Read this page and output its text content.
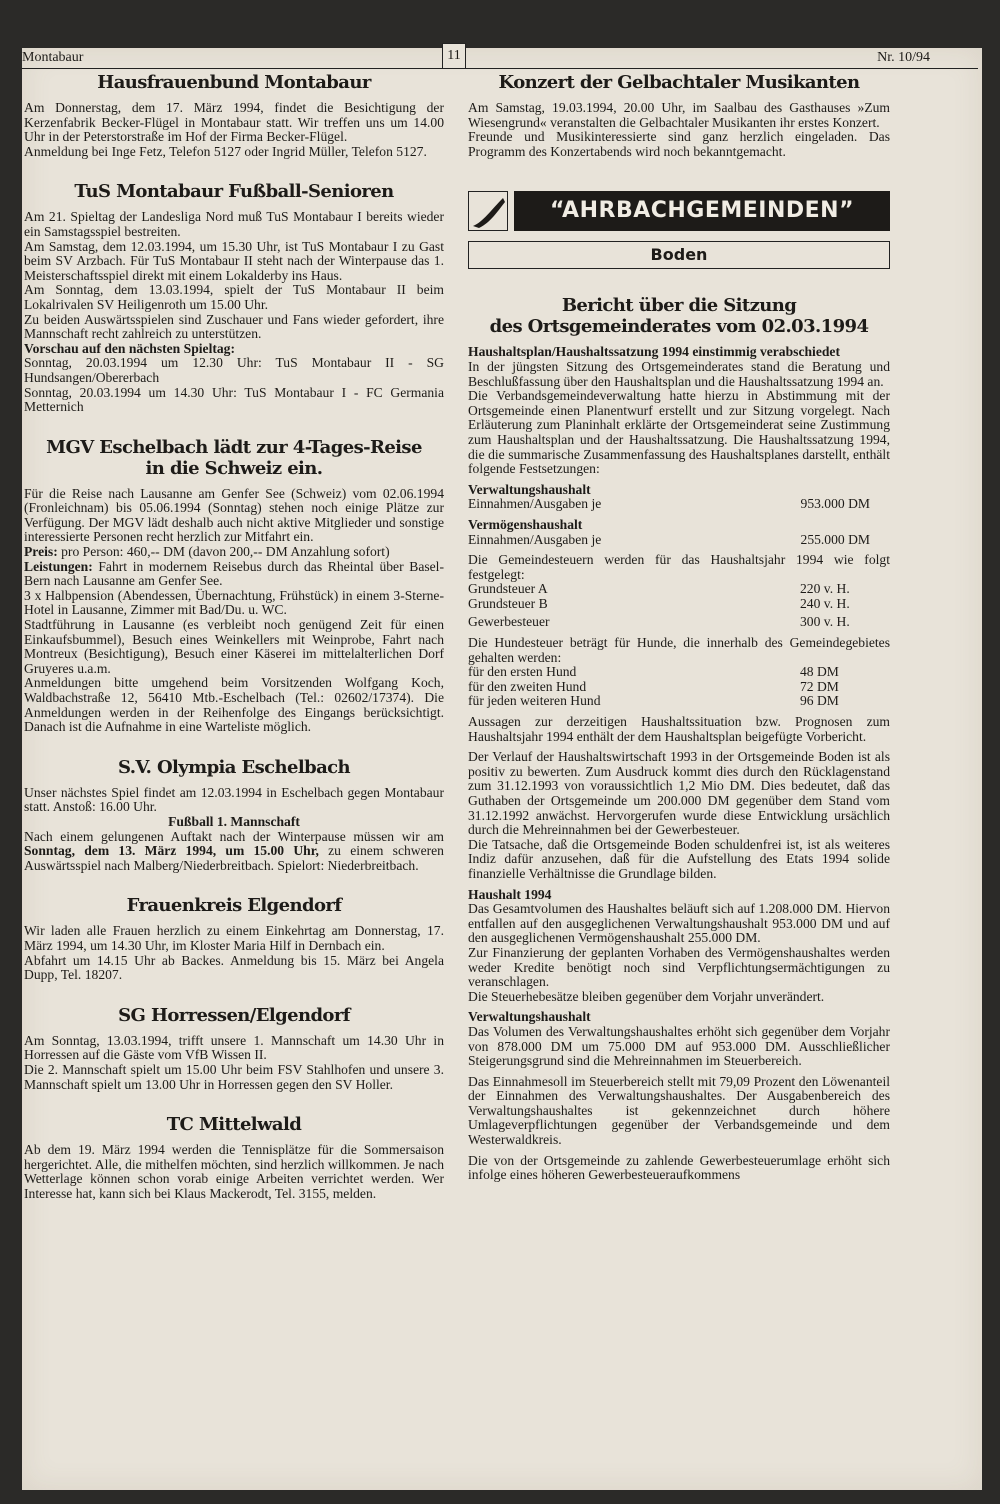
Montabaur	11	Nr. 10/94
Hausfrauenbund Montabaur

Am Donnerstag, dem 17. März 1994, findet die Besichtigung der Kerzenfabrik Becker-Flügel in Montabaur statt. Wir treffen uns um 14.00 Uhr in der Peterstorstraße im Hof der Firma Becker-Flügel.

Anmeldung bei Inge Fetz, Telefon 5127 oder Ingrid Müller, Telefon 5127.

TuS Montabaur Fußball-Senioren

Am 21. Spieltag der Landesliga Nord muß TuS Montabaur I bereits wieder ein Samstagsspiel bestreiten.

Am Samstag, dem 12.03.1994, um 15.30 Uhr, ist TuS Montabaur I zu Gast beim SV Arzbach. Für TuS Montabaur II steht nach der Winterpause das 1. Meisterschaftsspiel direkt mit einem Lokalderby ins Haus.

Am Sonntag, dem 13.03.1994, spielt der TuS Montabaur II beim Lokalrivalen SV Heiligenroth um 15.00 Uhr.

Zu beiden Auswärtsspielen sind Zuschauer und Fans wieder gefordert, ihre Mannschaft recht zahlreich zu unterstützen.

Vorschau auf den nächsten Spieltag:

Sonntag, 20.03.1994 um 12.30 Uhr: TuS Montabaur II - SG Hundsangen/Obererbach

Sonntag, 20.03.1994 um 14.30 Uhr: TuS Montabaur I - FC Germania Metternich

MGV Eschelbach lädt zur 4-Tages-Reise
in die Schweiz ein.

Für die Reise nach Lausanne am Genfer See (Schweiz) vom 02.06.1994 (Fronleichnam) bis 05.06.1994 (Sonntag) stehen noch einige Plätze zur Verfügung. Der MGV lädt deshalb auch nicht aktive Mitglieder und sonstige interessierte Personen recht herzlich zur Mitfahrt ein.

Preis: pro Person: 460,-- DM (davon 200,-- DM Anzahlung sofort)

Leistungen: Fahrt in modernem Reisebus durch das Rheintal über Basel-Bern nach Lausanne am Genfer See.

3 x Halbpension (Abendessen, Übernachtung, Frühstück) in einem 3-Sterne-Hotel in Lausanne, Zimmer mit Bad/Du. u. WC.

Stadtführung in Lausanne (es verbleibt noch genügend Zeit für einen Einkaufsbummel), Besuch eines Weinkellers mit Weinprobe, Fahrt nach Montreux (Besichtigung), Besuch einer Käserei im mittelalterlichen Dorf Gruyeres u.a.m.

Anmeldungen bitte umgehend beim Vorsitzenden Wolfgang Koch, Waldbachstraße 12, 56410 Mtb.-Eschelbach (Tel.: 02602/17374). Die Anmeldungen werden in der Reihenfolge des Eingangs berücksichtigt. Danach ist die Aufnahme in eine Warteliste möglich.

S.V. Olympia Eschelbach

Unser nächstes Spiel findet am 12.03.1994 in Eschelbach gegen Montabaur statt. Anstoß: 16.00 Uhr.

Fußball 1. Mannschaft

Nach einem gelungenen Auftakt nach der Winterpause müssen wir am Sonntag, dem 13. März 1994, um 15.00 Uhr, zu einem schweren Auswärtsspiel nach Malberg/Niederbreitbach. Spielort: Niederbreitbach.

Frauenkreis Elgendorf

Wir laden alle Frauen herzlich zu einem Einkehrtag am Donnerstag, 17. März 1994, um 14.30 Uhr, im Kloster Maria Hilf in Dernbach ein.

Abfahrt um 14.15 Uhr ab Backes. Anmeldung bis 15. März bei Angela Dupp, Tel. 18207.

SG Horressen/Elgendorf

Am Sonntag, 13.03.1994, trifft unsere 1. Mannschaft um 14.30 Uhr in Horressen auf die Gäste vom VfB Wissen II.

Die 2. Mannschaft spielt um 15.00 Uhr beim FSV Stahlhofen und unsere 3. Mannschaft spielt um 13.00 Uhr in Horressen gegen den SV Holler.

TC Mittelwald

Ab dem 19. März 1994 werden die Tennisplätze für die Sommersaison hergerichtet. Alle, die mithelfen möchten, sind herzlich willkommen. Je nach Wetterlage können schon vorab einige Arbeiten verrichtet werden. Wer Interesse hat, kann sich bei Klaus Mackerodt, Tel. 3155, melden.

Konzert der Gelbachtaler Musikanten

Am Samstag, 19.03.1994, 20.00 Uhr, im Saalbau des Gasthauses »Zum Wiesengrund« veranstalten die Gelbachtaler Musikanten ihr erstes Konzert.

Freunde und Musikinteressierte sind ganz herzlich eingeladen. Das Programm des Konzertabends wird noch bekanntgemacht.

“AHRBACHGEMEINDEN”
Boden
Bericht über die Sitzung
des Ortsgemeinderates vom 02.03.1994

Haushaltsplan/Haushaltssatzung 1994 einstimmig verabschiedet

In der jüngsten Sitzung des Ortsgemeinderates stand die Beratung und Beschlußfassung über den Haushaltsplan und die Haushaltssatzung 1994 an.

Die Verbandsgemeindeverwaltung hatte hierzu in Abstimmung mit der Ortsgemeinde einen Planentwurf erstellt und zur Sitzung vorgelegt. Nach Erläuterung zum Planinhalt erklärte der Ortsgemeinderat seine Zustimmung zum Haushaltsplan und der Haushaltssatzung. Die Haushaltssatzung 1994, die die summarische Zusammenfassung des Haushaltsplanes darstellt, enthält folgende Festsetzungen:

Verwaltungshaushalt

Einnahmen/Ausgaben je	953.000 DM

Vermögenshaushalt

Einnahmen/Ausgaben je	255.000 DM

Die Gemeindesteuern werden für das Haushaltsjahr 1994 wie folgt festgelegt:

Grundsteuer A	220 v. H.
Grundsteuer B	240 v. H.
Gewerbesteuer	300 v. H.

Die Hundesteuer beträgt für Hunde, die innerhalb des Gemeindegebietes gehalten werden:

für den ersten Hund	48 DM
für den zweiten Hund	72 DM
für jeden weiteren Hund	96 DM

Aussagen zur derzeitigen Haushaltssituation bzw. Prognosen zum Haushaltsjahr 1994 enthält der dem Haushaltsplan beigefügte Vorbericht.

Der Verlauf der Haushaltswirtschaft 1993 in der Ortsgemeinde Boden ist als positiv zu bewerten. Zum Ausdruck kommt dies durch den Rücklagenstand zum 31.12.1993 von voraussichtlich 1,2 Mio DM. Dies bedeutet, daß das Guthaben der Ortsgemeinde um 200.000 DM gegenüber dem Stand vom 31.12.1992 anwächst. Hervorgerufen wurde diese Entwicklung ursächlich durch die Mehreinnahmen bei der Gewerbesteuer.

Die Tatsache, daß die Ortsgemeinde Boden schuldenfrei ist, ist als weiteres Indiz dafür anzusehen, daß für die Aufstellung des Etats 1994 solide finanzielle Verhältnisse die Grundlage bilden.

Haushalt 1994

Das Gesamtvolumen des Haushaltes beläuft sich auf 1.208.000 DM. Hiervon entfallen auf den ausgeglichenen Verwaltungshaushalt 953.000 DM und auf den ausgeglichenen Vermögenshaushalt 255.000 DM.

Zur Finanzierung der geplanten Vorhaben des Vermögenshaushaltes werden weder Kredite benötigt noch sind Verpflichtungsermächtigungen zu veranschlagen.

Die Steuerhebesätze bleiben gegenüber dem Vorjahr unverändert.

Verwaltungshaushalt

Das Volumen des Verwaltungshaushaltes erhöht sich gegenüber dem Vorjahr von 878.000 DM um 75.000 DM auf 953.000 DM. Ausschließlicher Steigerungsgrund sind die Mehreinnahmen im Steuerbereich.

Das Einnahmesoll im Steuerbereich stellt mit 79,09 Prozent den Löwenanteil der Einnahmen des Verwaltungshaushaltes. Der Ausgabenbereich des Verwaltungshaushaltes ist gekennzeichnet durch höhere Umlageverpflichtungen gegenüber der Verbandsgemeinde und dem Westerwaldkreis.

Die von der Ortsgemeinde zu zahlende Gewerbesteuerumlage erhöht sich infolge eines höheren Gewerbesteueraufkommens
